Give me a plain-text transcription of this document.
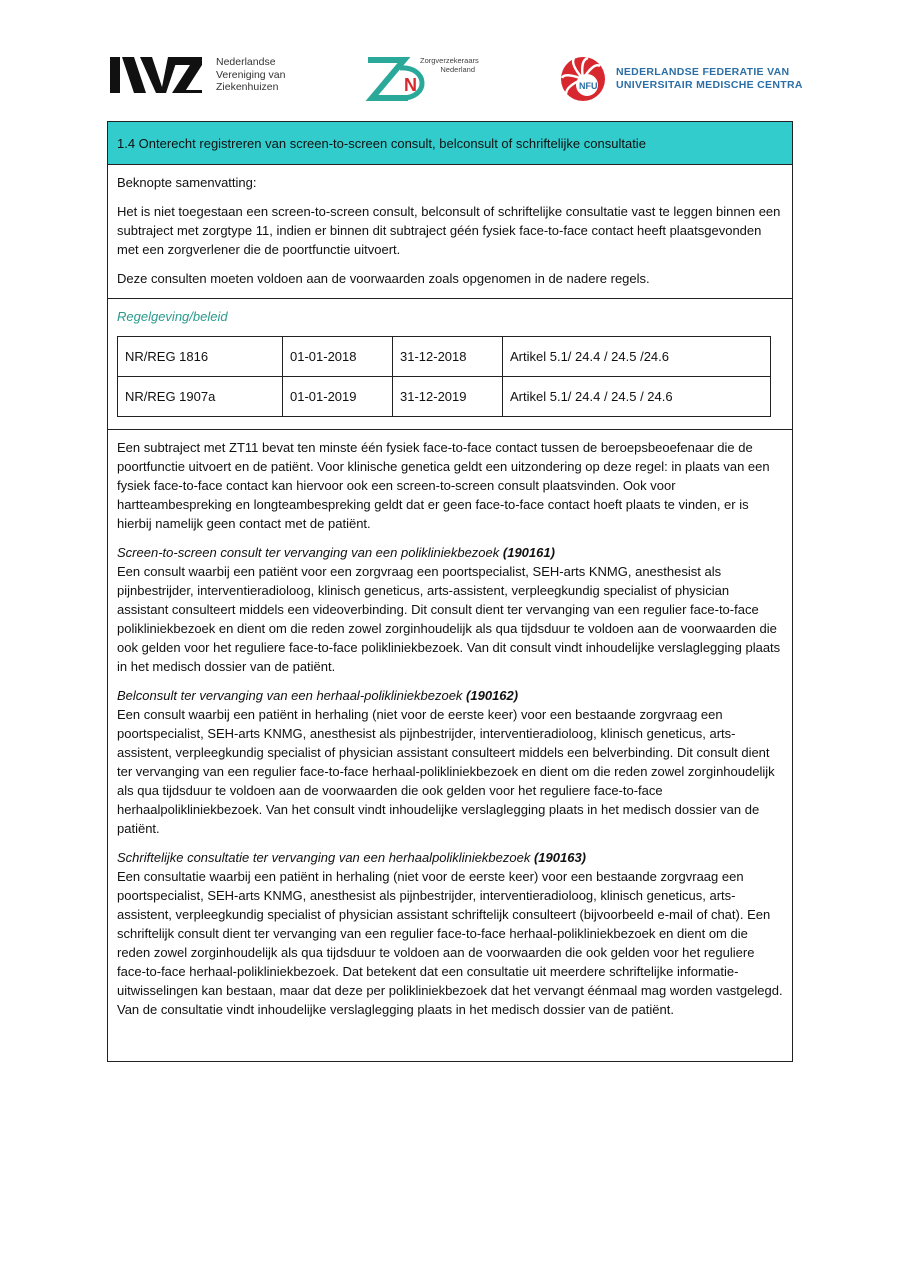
Nederlandse
Vereniging van
Ziekenhuizen	N
Zorgverzekeraars
Nederland
NFU
NEDERLANDSE FEDERATIE VAN
UNIVERSITAIR MEDISCHE CENTRA
1.4 Onterecht registreren van screen-to-screen consult, belconsult of schriftelijke consultatie

Beknopte samenvatting:

Het is niet toegestaan een screen-to-screen consult, belconsult of schriftelijke consultatie vast te leggen binnen een subtraject met zorgtype 11, indien er binnen dit subtraject géén fysiek face-to-face contact heeft plaatsgevonden met een zorgverlener die de poortfunctie uitvoert.

Deze consulten moeten voldoen aan de voorwaarden zoals opgenomen in de nadere regels.

Regelgeving/beleid
NR/REG 1816	01-01-2018	31-12-2018	Artikel 5.1/ 24.4 / 24.5 /24.6
NR/REG 1907a	01-01-2019	31-12-2019	Artikel 5.1/ 24.4 / 24.5 / 24.6

Een subtraject met ZT11 bevat ten minste één fysiek face-to-face contact tussen de beroepsbeoefenaar die de poortfunctie uitvoert en de patiënt. Voor klinische genetica geldt een uitzondering op deze regel: in plaats van een fysiek face-to-face contact kan hiervoor ook een screen-to-screen consult plaatsvinden. Ook voor hartteambespreking en longteambespreking geldt dat er geen face-to-face contact hoeft plaats te vinden, er is hierbij namelijk geen contact met de patiënt.

Screen-to-screen consult ter vervanging van een polikliniekbezoek (190161)
Een consult waarbij een patiënt voor een zorgvraag een poortspecialist, SEH-arts KNMG, anesthesist als pijnbestrijder, interventieradioloog, klinisch geneticus, arts-assistent, verpleegkundig specialist of physician assistant consulteert middels een videoverbinding. Dit consult dient ter vervanging van een regulier face-to-face polikliniekbezoek en dient om die reden zowel zorginhoudelijk als qua tijdsduur te voldoen aan de voorwaarden die ook gelden voor het reguliere face-to-face polikliniekbezoek. Van dit consult vindt inhoudelijke verslaglegging plaats in het medisch dossier van de patiënt.

Belconsult ter vervanging van een herhaal-polikliniekbezoek (190162)
Een consult waarbij een patiënt in herhaling (niet voor de eerste keer) voor een bestaande zorgvraag een poortspecialist, SEH-arts KNMG, anesthesist als pijnbestrijder, interventieradioloog, klinisch geneticus, arts-assistent, verpleegkundig specialist of physician assistant consulteert middels een belverbinding. Dit consult dient ter vervanging van een regulier face-to-face herhaal-polikliniekbezoek en dient om die reden zowel zorginhoudelijk als qua tijdsduur te voldoen aan de voorwaarden die ook gelden voor het reguliere face-to-face herhaalpolikliniekbezoek. Van het consult vindt inhoudelijke verslaglegging plaats in het medisch dossier van de patiënt.

Schriftelijke consultatie ter vervanging van een herhaalpolikliniekbezoek (190163)
Een consultatie waarbij een patiënt in herhaling (niet voor de eerste keer) voor een bestaande zorgvraag een poortspecialist, SEH-arts KNMG, anesthesist als pijnbestrijder, interventieradioloog, klinisch geneticus, arts-assistent, verpleegkundig specialist of physician assistant schriftelijk consulteert (bijvoorbeeld e-mail of chat). Een schriftelijk consult dient ter vervanging van een regulier face-to-face herhaal-polikliniekbezoek en dient om die reden zowel zorginhoudelijk als qua tijdsduur te voldoen aan de voorwaarden die ook gelden voor het reguliere face-to-face herhaal-polikliniekbezoek. Dat betekent dat een consultatie uit meerdere schriftelijke informatie-uitwisselingen kan bestaan, maar dat deze per polikliniekbezoek dat het vervangt éénmaal mag worden vastgelegd. Van de consultatie vindt inhoudelijke verslaglegging plaats in het medisch dossier van de patiënt.
